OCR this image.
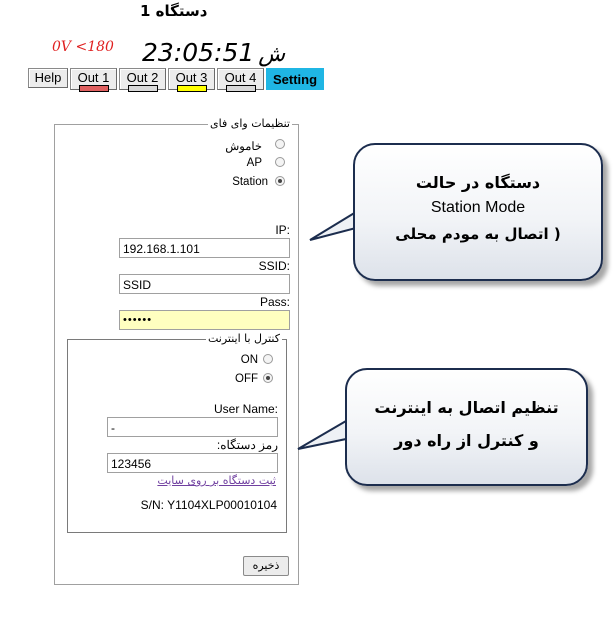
دستگاه 1
0V <180 23:05:51 ش
Help	Out 1	Out 2	Out 3	Out 4	Setting
تنظیمات وای فای
خاموش
AP
Station
IP:
192.168.1.101
SSID:
SSID
Pass:
••••••
کنترل با اینترنت
ON
OFF
User Name:
-
رمز دستگاه:
123456
ثبت دستگاه بر روی سایت
S/N: Y1104XLP00010104
ذخیره
دستگاه در حالت
Station Mode
( اتصال به مودم محلی
تنظیم اتصال به اینترنت
و کنترل از راه دور
